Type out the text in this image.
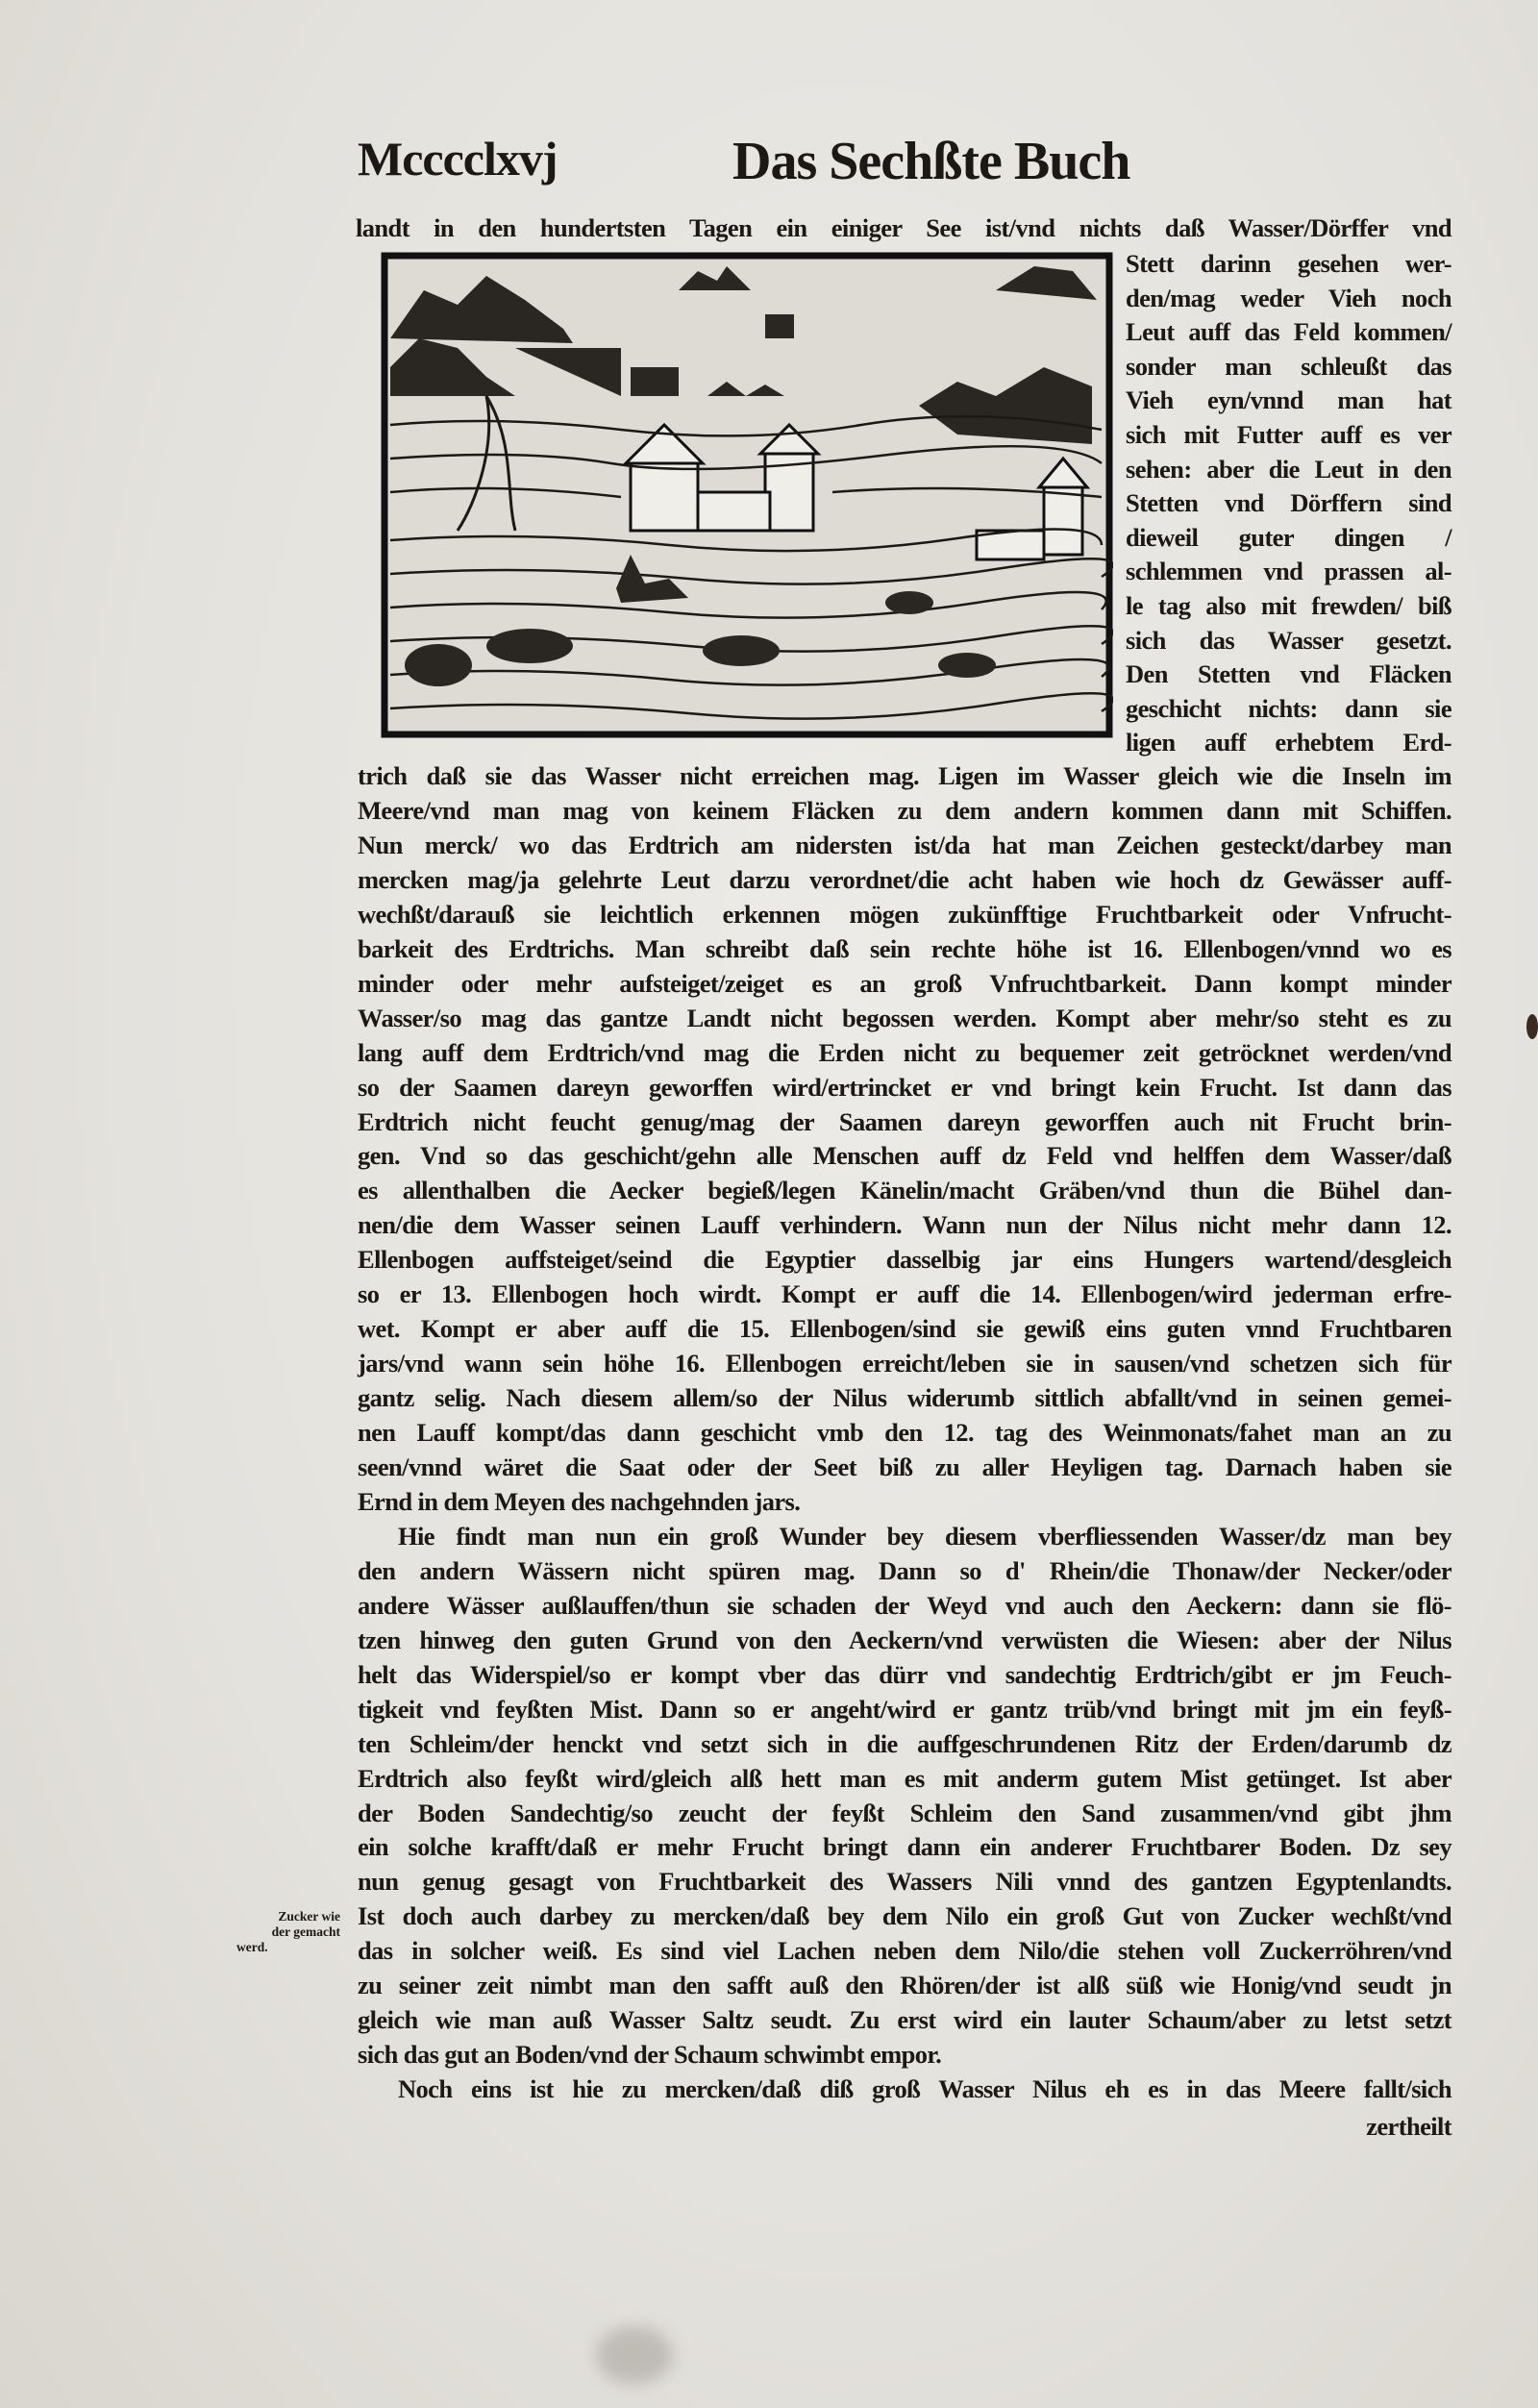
Mcccclxvj	Das Sechßte Buch
landt in den hundertsten Tagen ein einiger See ist/vnd nichts daß Wasser/Dörffer vnd
Stett darinn gesehen wer-
den/mag weder Vieh noch
Leut auff das Feld kommen/
sonder man schleußt das
Vieh eyn/vnnd man hat
sich mit Futter auff es ver
sehen: aber die Leut in den
Stetten vnd Dörffern sind
dieweil guter dingen /
schlemmen vnd prassen al-
le tag also mit frewden/ biß
sich das Wasser gesetzt.
Den Stetten vnd Fläcken
geschicht nichts: dann sie
ligen auff erhebtem Erd-
trich daß sie das Wasser nicht erreichen mag. Ligen im Wasser gleich wie die Inseln im
Meere/vnd man mag von keinem Fläcken zu dem andern kommen dann mit Schiffen.
Nun merck/ wo das Erdtrich am nidersten ist/da hat man Zeichen gesteckt/darbey man
mercken mag/ja gelehrte Leut darzu verordnet/die acht haben wie hoch dz Gewässer auff-
wechßt/darauß sie leichtlich erkennen mögen zukünfftige Fruchtbarkeit oder Vnfrucht-
barkeit des Erdtrichs. Man schreibt daß sein rechte höhe ist 16. Ellenbogen/vnnd wo es
minder oder mehr aufsteiget/zeiget es an groß Vnfruchtbarkeit. Dann kompt minder
Wasser/so mag das gantze Landt nicht begossen werden. Kompt aber mehr/so steht es zu
lang auff dem Erdtrich/vnd mag die Erden nicht zu bequemer zeit getröcknet werden/vnd
so der Saamen dareyn geworffen wird/ertrincket er vnd bringt kein Frucht. Ist dann das
Erdtrich nicht feucht genug/mag der Saamen dareyn geworffen auch nit Frucht brin-
gen. Vnd so das geschicht/gehn alle Menschen auff dz Feld vnd helffen dem Wasser/daß
es allenthalben die Aecker begieß/legen Känelin/macht Gräben/vnd thun die Bühel dan-
nen/die dem Wasser seinen Lauff verhindern. Wann nun der Nilus nicht mehr dann 12.
Ellenbogen auffsteiget/seind die Egyptier dasselbig jar eins Hungers wartend/desgleich
so er 13. Ellenbogen hoch wirdt. Kompt er auff die 14. Ellenbogen/wird jederman erfre-
wet. Kompt er aber auff die 15. Ellenbogen/sind sie gewiß eins guten vnnd Fruchtbaren
jars/vnd wann sein höhe 16. Ellenbogen erreicht/leben sie in sausen/vnd schetzen sich für
gantz selig. Nach diesem allem/so der Nilus widerumb sittlich abfallt/vnd in seinen gemei-
nen Lauff kompt/das dann geschicht vmb den 12. tag des Weinmonats/fahet man an zu
seen/vnnd wäret die Saat oder der Seet biß zu aller Heyligen tag. Darnach haben sie
Ernd in dem Meyen des nachgehnden jars.
Hie findt man nun ein groß Wunder bey diesem vberfliessenden Wasser/dz man bey
den andern Wässern nicht spüren mag. Dann so d' Rhein/die Thonaw/der Necker/oder
andere Wässer außlauffen/thun sie schaden der Weyd vnd auch den Aeckern: dann sie flö-
tzen hinweg den guten Grund von den Aeckern/vnd verwüsten die Wiesen: aber der Nilus
helt das Widerspiel/so er kompt vber das dürr vnd sandechtig Erdtrich/gibt er jm Feuch-
tigkeit vnd feyßten Mist. Dann so er angeht/wird er gantz trüb/vnd bringt mit jm ein feyß-
ten Schleim/der henckt vnd setzt sich in die auffgeschrundenen Ritz der Erden/darumb dz
Erdtrich also feyßt wird/gleich alß hett man es mit anderm gutem Mist getünget. Ist aber
der Boden Sandechtig/so zeucht der feyßt Schleim den Sand zusammen/vnd gibt jhm
ein solche krafft/daß er mehr Frucht bringt dann ein anderer Fruchtbarer Boden. Dz sey
nun genug gesagt von Fruchtbarkeit des Wassers Nili vnnd des gantzen Egyptenlandts.
Ist doch auch darbey zu mercken/daß bey dem Nilo ein groß Gut von Zucker wechßt/vnd
das in solcher weiß. Es sind viel Lachen neben dem Nilo/die stehen voll Zuckerröhren/vnd
zu seiner zeit nimbt man den safft auß den Rhören/der ist alß süß wie Honig/vnd seudt jn
gleich wie man auß Wasser Saltz seudt. Zu erst wird ein lauter Schaum/aber zu letst setzt
sich das gut an Boden/vnd der Schaum schwimbt empor.
Noch eins ist hie zu mercken/daß diß groß Wasser Nilus eh es in das Meere fallt/sich
Zucker wie
der gemacht
werd.
zertheilt
